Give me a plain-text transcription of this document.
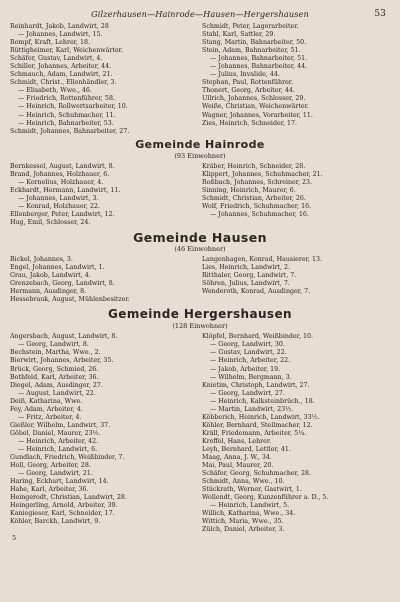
Gilzerhausen—Hainrode—Hausen—Hergershausen	53
Reinhardt, Jakob, Landwirt, 28
— Johannes, Landwirt, 15.
Rompf, Kraft, Lehrer, 18.
Rüttigheimer, Karl, Weichenwärter.
Schäfer, Gustav, Landwirt, 4.
Schiller, Johannes, Arbeiter, 44.
Schmauch, Adam, Landwirt, 21.
Schmidt, Christ., Ellenhändler, 3.
— Elisabeth, Wwe., 46.
— Friedrich, Rottenführer, 58.
— Heinrich, Rollwertsarbeiter, 10.
— Heinrich, Schuhmacher, 11.
— Heinrich, Bahnarbeiter, 53.
Schmidt, Johannes, Bahnarbeiter, 27.
Schmidt, Peter, Lagerarbeiter.
Stahl, Karl, Sattler, 29.
Stang, Martin, Bahnarbeiter, 50.
Stein, Adam, Bahnarbeiter, 51.
— Johannes, Bahnarbeiter, 51.
— Johannes, Bahnarbeiter, 44.
— Julius, Invalide, 44.
Stephan, Paul, Rottenführer.
Thonert, Georg, Arbeiter, 44.
Ullrich, Johannes, Schlosser, 29.
Weiße, Christian, Weichenwärter.
Wagner, Johannes, Vorarbeiter, 11.
Zies, Heinrich, Schneider, 17.
Gemeinde Hainrode
(93 Einwohner)
Bornkessel, August, Landwirt, 8.
Brand, Johannes, Holzhauer, 6.
— Kornelius, Holzhauer, 4.
Eckhardt, Hermann, Landwirt, 11.
— Johannes, Landwirt, 3.
— Konrad, Holzhauer, 22.
Ellenberger, Peter, Landwirt, 12.
Hug, Emil, Schlosser, 24.
Kräber, Heinrich, Schneider, 28.
Klippert, Johannes, Schuhmacher, 21.
Roßbach, Johannes, Schreiner, 23.
Sinning, Heinrich, Maurer, 6.
Schmidt, Christian, Arbeiter, 26.
Wolf, Friedrich, Schuhmacher, 16.
— Johannes, Schuhmacher, 16.
Gemeinde Hausen
(46 Einwohner)
Bickel, Johannes, 3.
Engel, Johannes, Landwirt, 1.
Grau, Jakob, Landwirt, 4.
Grenzebach, Georg, Landwirt, 8.
Hermann, Ausdinger, 8.
Hessebrauk, August, Mühlenbesitzer.
Langenhagen, Konrad, Hausierer, 13.
Lies, Heinrich, Landwirt, 2.
Ritthaler, Georg, Landwirt, 7.
Söhren, Julius, Landwirt, 7.
Wenderoth, Konrad, Ausdinger, 7.
Gemeinde Hergershausen
(128 Einwohner)
Angersbach, August, Landwirt, 8.
— Georg, Landwirt, 8.
Bechstein, Martha, Wwe., 2.
Bierwirt, Johannes, Arbeiter, 35.
Brück, Georg, Schmied, 26.
Bothfeld, Karl, Arbeiter, 36.
Diegel, Adam, Ausdinger, 27.
— August, Landwirt, 22.
Deiß, Katharina, Wwe.
Fey, Adam, Arbeiter, 4.
— Fritz, Arbeiter, 4.
Gießler, Wilhelm, Landwirt, 37.
Göbel, Daniel, Maurer, 23½.
— Heinrich, Arbeiter, 42.
— Heinrich, Landwirt, 6.
Gundlach, Friedrich, Weißbinder, 7.
Holl, Georg, Arbeiter, 28.
— Georg, Landwirt, 21.
Haring, Eckhart, Landwirt, 14.
Hahe, Karl, Arbeiter, 36.
Heingerodt, Christian, Landwirt, 28.
Heingerling, Arnold, Arbeiter, 39.
Kaniegieser, Karl, Schneider, 17.
Köhler, Barckh, Landwirt, 9.
Klöpfel, Bernhard, Weißbinder, 10.
— Georg, Landwirt, 30.
— Gustav, Landwirt, 22.
— Heinrich, Arbeiter, 22.
— Jakob, Arbeiter, 19.
— Wilhelm, Bergmann, 3.
Knietim, Christoph, Landwirt, 27.
— Georg, Landwirt, 27.
— Heinrich, Kalksteinbrüch., 18.
— Martin, Landwirt, 23½.
Köbberich, Heinrich, Landwirt, 33½.
Köhler, Bernhard, Stellmacher, 12.
Kräll, Friedemann, Arbeiter, 5¼.
Kreffel, Hans, Lehrer.
Leyh, Bernhard, Lettler, 41.
Maag, Anna, J. W., 34.
Mai, Paul, Maurer, 20.
Schäfer, Georg, Schuhmacher, 28.
Schmidt, Anna, Wwe., 10.
Stückrath, Werner, Gastwirt, 1.
Wollendt, Georg, Kunzenführer a. D., 5.
— Heinrich, Landwirt, 5.
Willich, Katharina, Wwe., 34.
Wittich, Maria, Wwe., 35.
Zülch, Daniel, Arbeiter, 3.
5
